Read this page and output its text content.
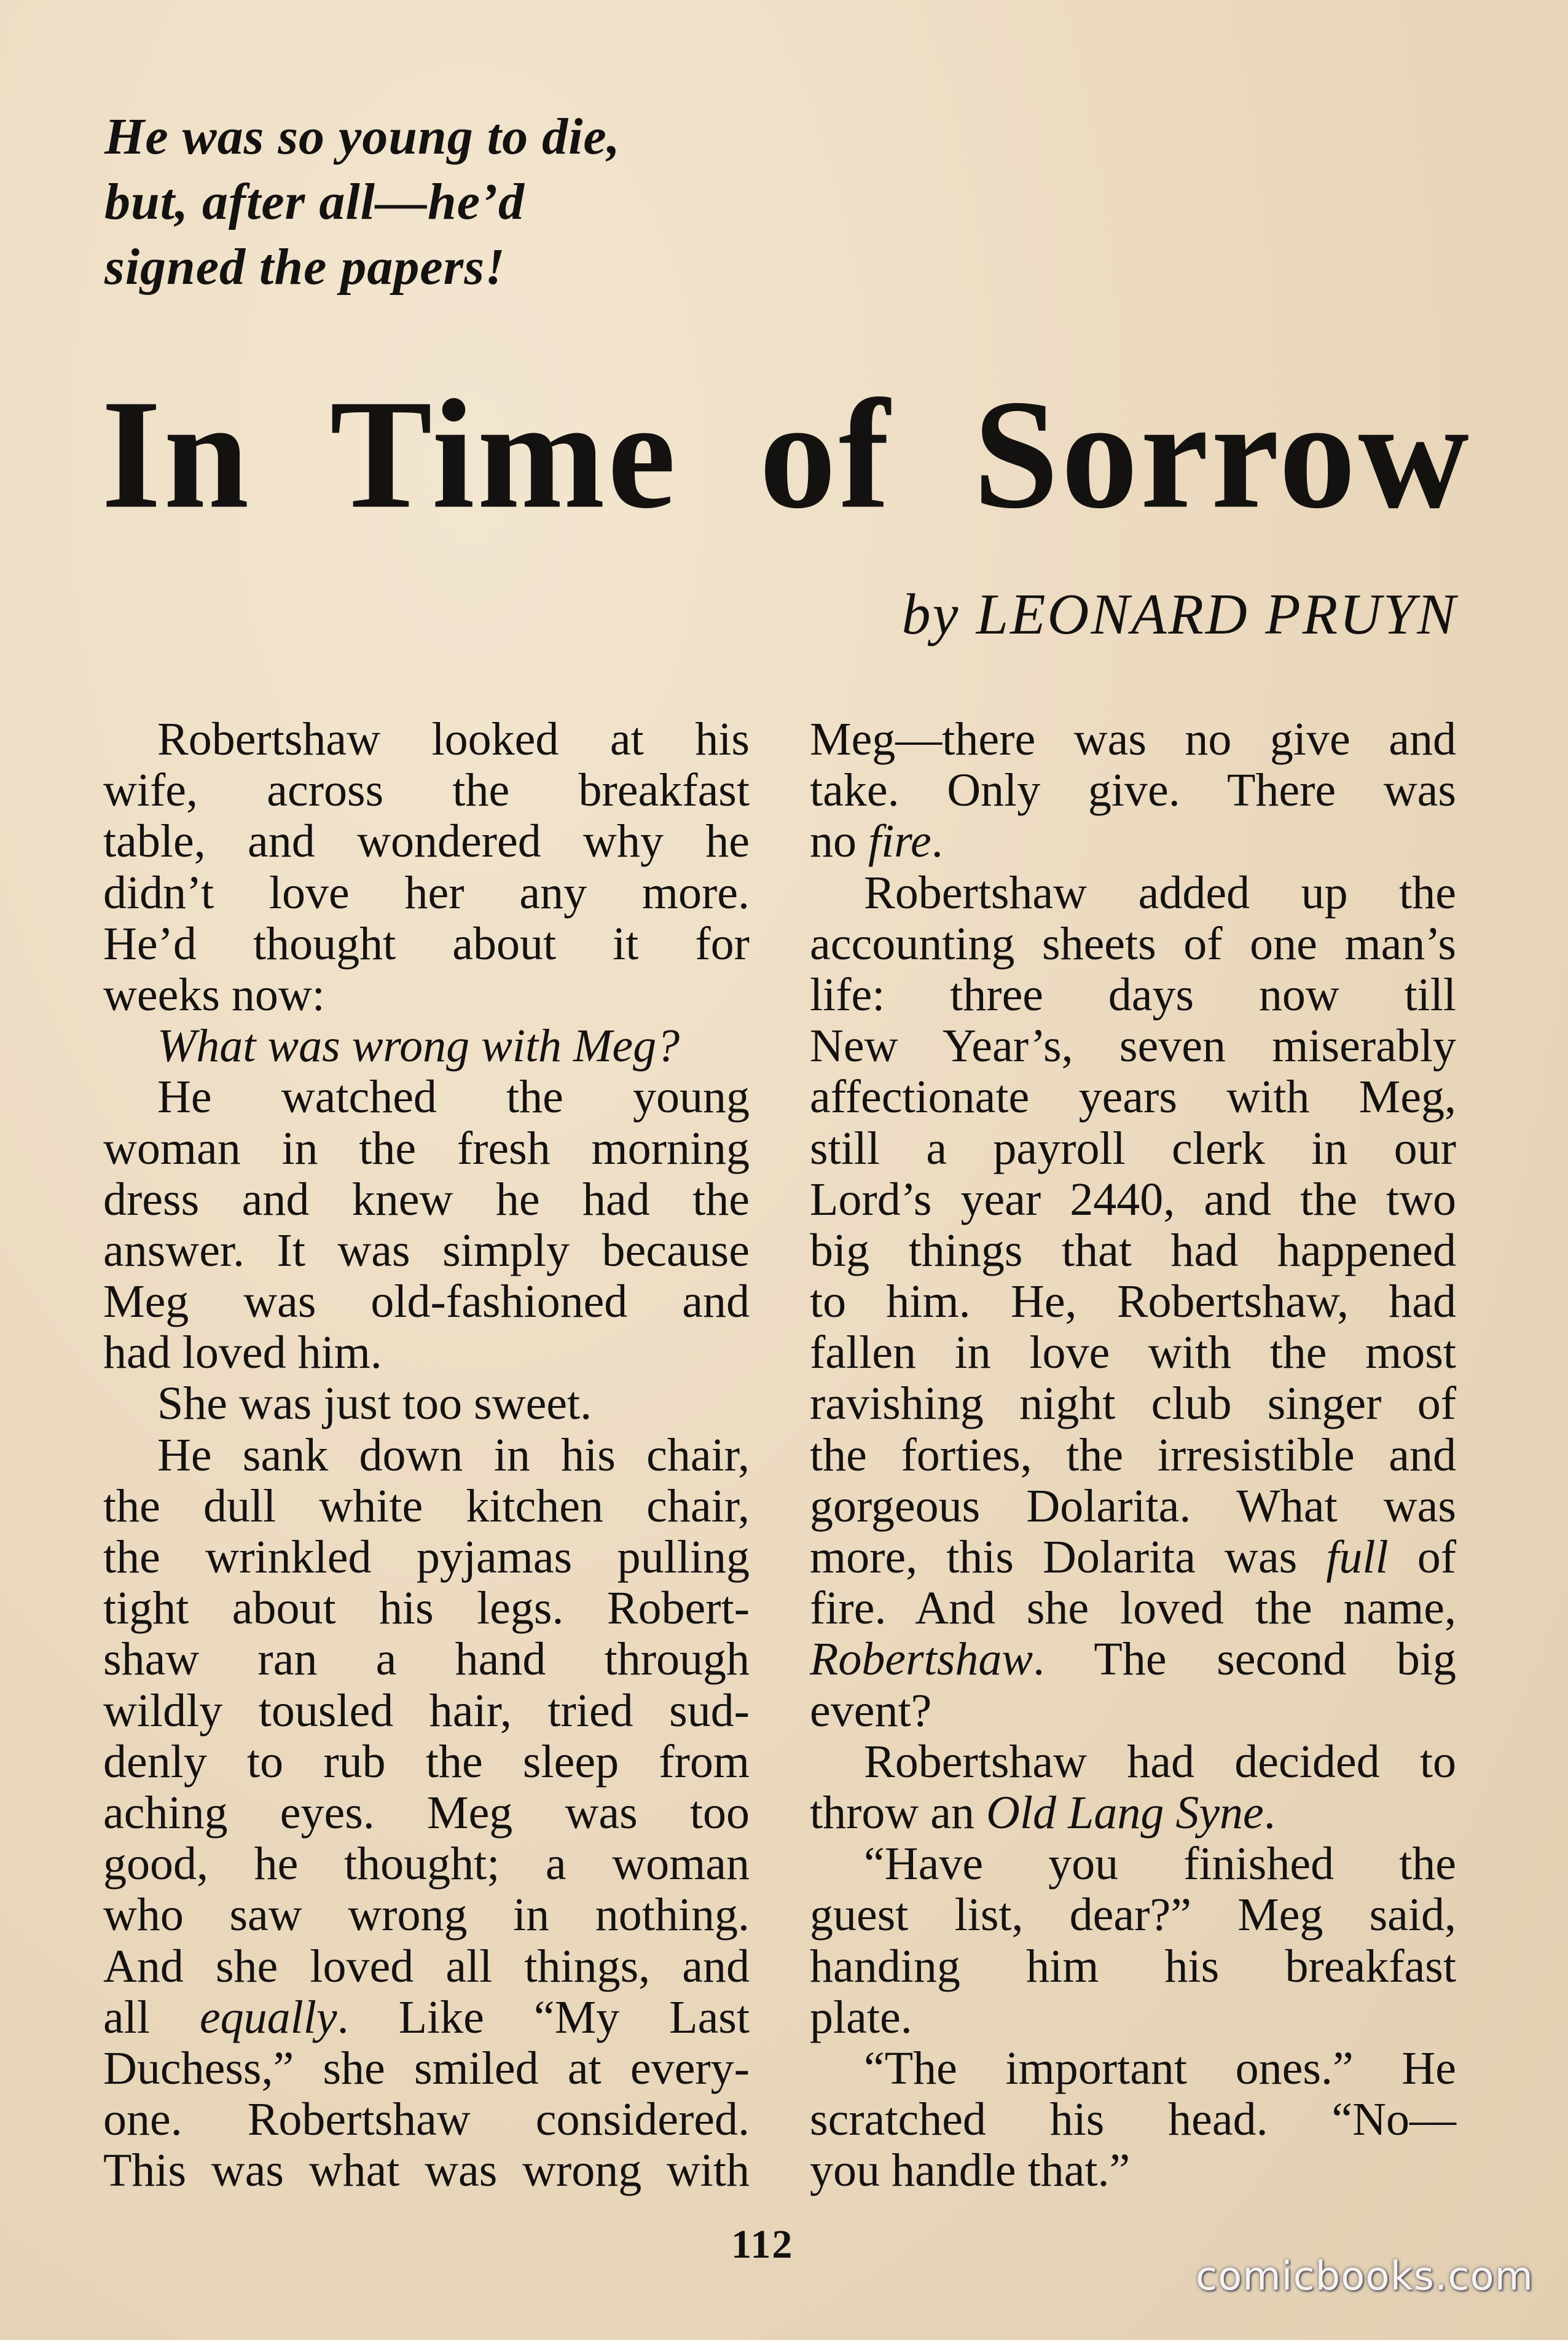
He was so young to die,
but, after all—he’d
signed the papers!
In Time of Sorrow
by LEONARD PRUYN
Robertshaw looked at his
wife, across the breakfast
table, and wondered why he
didn’t love her any more.
He’d thought about it for
weeks now:
What was wrong with Meg?
He watched the young
woman in the fresh morning
dress and knew he had the
answer. It was simply because
Meg was old-fashioned and
had loved him.
She was just too sweet.
He sank down in his chair,
the dull white kitchen chair,
the wrinkled pyjamas pulling
tight about his legs. Robert-
shaw ran a hand through
wildly tousled hair, tried sud-
denly to rub the sleep from
aching eyes. Meg was too
good, he thought; a woman
who saw wrong in nothing.
And she loved all things, and
all equally. Like “My Last
Duchess,” she smiled at every-
one. Robertshaw considered.
This was what was wrong with
Meg—there was no give and
take. Only give. There was
no fire.
Robertshaw added up the
accounting sheets of one man’s
life: three days now till
New Year’s, seven miserably
affectionate years with Meg,
still a payroll clerk in our
Lord’s year 2440, and the two
big things that had happened
to him. He, Robertshaw, had
fallen in love with the most
ravishing night club singer of
the forties, the irresistible and
gorgeous Dolarita. What was
more, this Dolarita was full of
fire. And she loved the name,
Robertshaw. The second big
event?
Robertshaw had decided to
throw an Old Lang Syne.
“Have you finished the
guest list, dear?” Meg said,
handing him his breakfast
plate.
“The important ones.” He
scratched his head. “No—
you handle that.”
112
comicbooks.com
